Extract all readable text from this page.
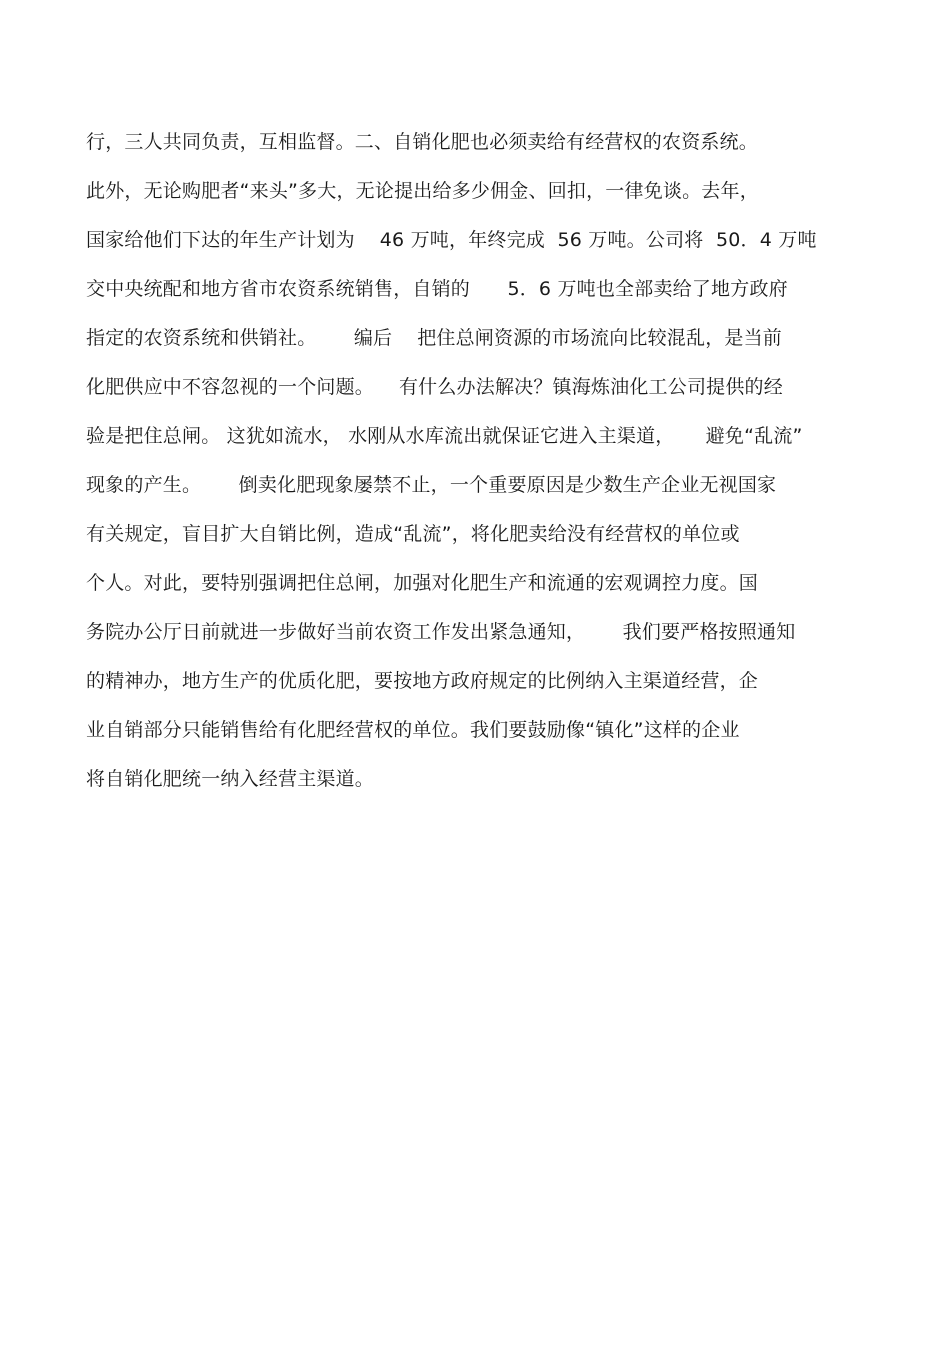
行，三人共同负责，互相监督。二、自销化肥也必须卖给有经营权的农资系统。
此外，无论购肥者“来头”多大，无论提出给多少佣金、回扣，一律免谈。去年，
国家给他们下达的年生产计划为    46 万吨，年终完成  56 万吨。公司将  50．4 万吨
交中央统配和地方省市农资系统销售，自销的      5．6 万吨也全部卖给了地方政府
指定的农资系统和供销社。      编后    把住总闸资源的市场流向比较混乱，是当前
化肥供应中不容忽视的一个问题。    有什么办法解决？镇海炼油化工公司提供的经
验是把住总闸。 这犹如流水， 水刚从水库流出就保证它进入主渠道，     避免“乱流”
现象的产生。      倒卖化肥现象屡禁不止，一个重要原因是少数生产企业无视国家
有关规定，盲目扩大自销比例，造成“乱流”，将化肥卖给没有经营权的单位或
个人。对此，要特别强调把住总闸，加强对化肥生产和流通的宏观调控力度。国
务院办公厅日前就进一步做好当前农资工作发出紧急通知，      我们要严格按照通知
的精神办，地方生产的优质化肥，要按地方政府规定的比例纳入主渠道经营，企
业自销部分只能销售给有化肥经营权的单位。我们要鼓励像“镇化”这样的企业
将自销化肥统一纳入经营主渠道。
